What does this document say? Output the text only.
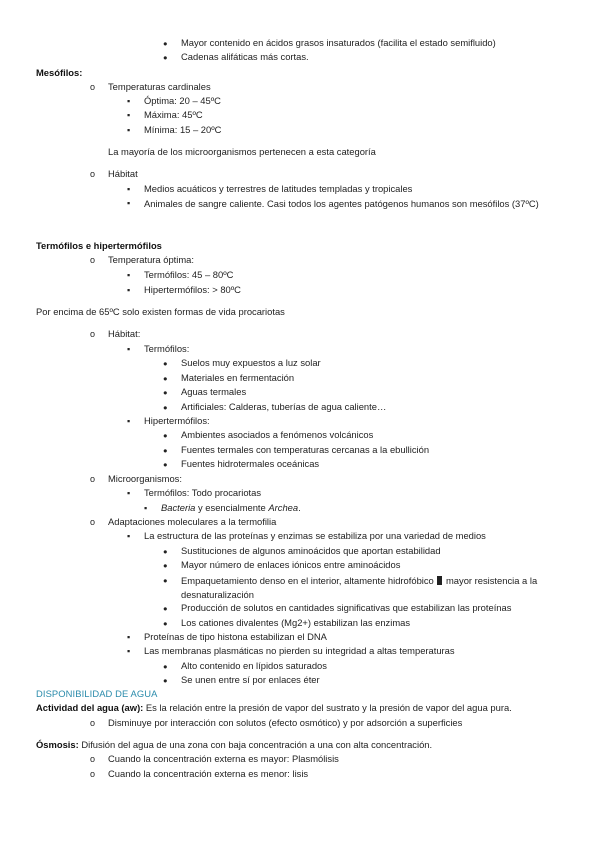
●
Mayor contenido en ácidos grasos insaturados (facilita el estado semifluido)
●
Cadenas alifáticas más cortas.
Mesófilos:
o
Temperaturas cardinales
▪
Óptima: 20 – 45ºC
▪
Máxima: 45ºC
▪
Mínima: 15 – 20ºC
La mayoría de los microorganismos pertenecen a esta categoría
o
Hábitat
▪
Medios acuáticos y terrestres de latitudes templadas y tropicales
▪
Animales de sangre caliente. Casi todos los agentes patógenos humanos son mesófilos (37ºC)
Termófilos e hipertermófilos
o
Temperatura óptima:
▪
Termófilos: 45 – 80ºC
▪
Hipertermófilos: > 80ºC
Por encima de 65ºC solo existen formas de vida procariotas
o
Hábitat:
▪
Termófilos:
●
Suelos muy expuestos a luz solar
●
Materiales en fermentación
●
Aguas termales
●
Artificiales: Calderas, tuberías de agua caliente…
▪
Hipertermófilos:
●
Ambientes asociados a fenómenos volcánicos
●
Fuentes termales con temperaturas cercanas a la ebullición
●
Fuentes hidrotermales oceánicas
o
Microorganismos:
▪
Termófilos: Todo procariotas
▪
Bacteria y esencialmente Archea.
o
Adaptaciones moleculares a la termofilia
▪
La estructura de las proteínas y enzimas se estabiliza por una variedad de medios
●
Sustituciones de algunos aminoácidos que aportan estabilidad
●
Mayor número de enlaces iónicos entre aminoácidos
●
Empaquetamiento denso en el interior, altamente hidrofóbico mayor resistencia a la desnaturalización
●
Producción de solutos en cantidades significativas que estabilizan las proteínas
●
Los cationes divalentes (Mg2+) estabilizan las enzimas
▪
Proteínas de tipo histona estabilizan el DNA
▪
Las membranas plasmáticas no pierden su integridad a altas temperaturas
●
Alto contenido en lípidos saturados
●
Se unen entre sí por enlaces éter
DISPONIBILIDAD DE AGUA
Actividad del agua (aw): Es la relación entre la presión de vapor del sustrato y la presión de vapor del agua pura.
o
Disminuye por interacción con solutos (efecto osmótico) y por adsorción a superficies
Ósmosis: Difusión del agua de una zona con baja concentración a una con alta concentración.
o
Cuando la concentración externa es mayor: Plasmólisis
o
Cuando la concentración externa es menor: lisis
